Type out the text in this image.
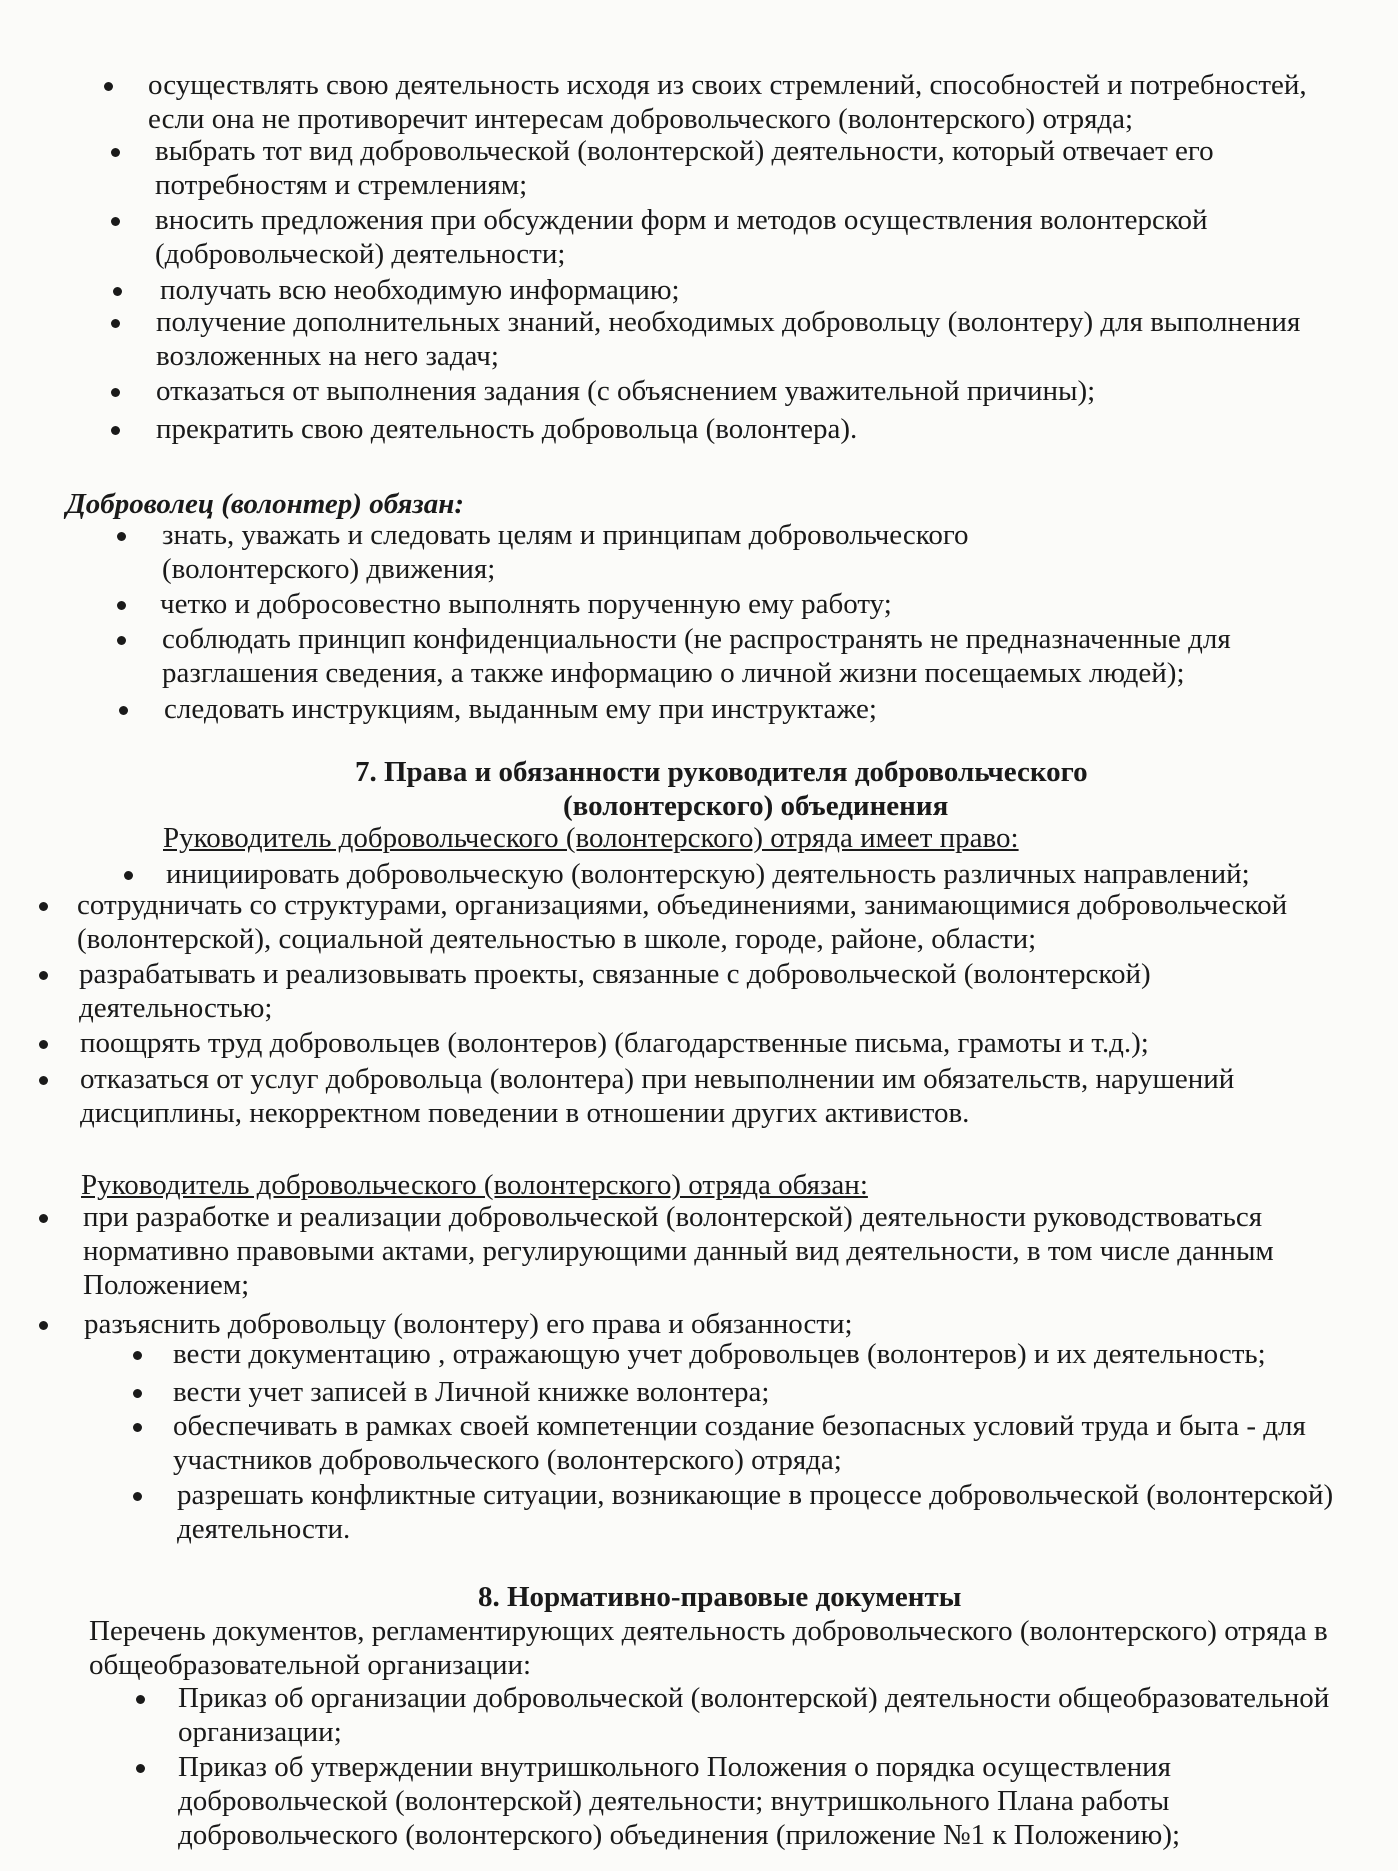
осуществлять свою деятельность исходя из своих стремлений, способностей и потребностей,
если она не противоречит интересам добровольческого (волонтерского) отряда;
выбрать тот вид добровольческой (волонтерской) деятельности, который отвечает его
потребностям и стремлениям;
вносить предложения при обсуждении форм и методов осуществления волонтерской
(добровольческой) деятельности;
получать всю необходимую информацию;
получение дополнительных знаний, необходимых добровольцу (волонтеру) для выполнения
возложенных на него задач;
отказаться от выполнения задания (с объяснением уважительной причины);
прекратить свою деятельность добровольца (волонтера).
Доброволец (волонтер) обязан:
знать, уважать и следовать целям и принципам добровольческого
(волонтерского) движения;
четко и добросовестно выполнять порученную ему работу;
соблюдать принцип конфиденциальности (не распространять не предназначенные для
разглашения сведения, а также информацию о личной жизни посещаемых людей);
следовать инструкциям, выданным ему при инструктаже;
7. Права и обязанности руководителя добровольческого
(волонтерского) объединения
Руководитель добровольческого (волонтерского) отряда имеет право:
инициировать добровольческую (волонтерскую) деятельность различных направлений;
сотрудничать со структурами, организациями, объединениями, занимающимися добровольческой
(волонтерской), социальной деятельностью в школе, городе, районе, области;
разрабатывать и реализовывать проекты, связанные с добровольческой (волонтерской)
деятельностью;
поощрять труд добровольцев (волонтеров) (благодарственные письма, грамоты и т.д.);
отказаться от услуг добровольца (волонтера) при невыполнении им обязательств, нарушений
дисциплины, некорректном поведении в отношении других активистов.
Руководитель добровольческого (волонтерского) отряда обязан:
при разработке и реализации добровольческой (волонтерской) деятельности руководствоваться
нормативно правовыми актами, регулирующими данный вид деятельности, в том числе данным
Положением;
разъяснить добровольцу (волонтеру) его права и обязанности;
вести документацию , отражающую учет добровольцев (волонтеров) и их деятельность;
вести учет записей в Личной книжке волонтера;
обеспечивать в рамках своей компетенции создание безопасных условий труда и быта - для
участников добровольческого (волонтерского) отряда;
разрешать конфликтные ситуации, возникающие в процессе добровольческой (волонтерской)
деятельности.
8. Нормативно-правовые документы
Перечень документов, регламентирующих деятельность добровольческого (волонтерского) отряда в
общеобразовательной организации:
Приказ об организации добровольческой (волонтерской) деятельности общеобразовательной
организации;
Приказ об утверждении внутришкольного Положения о порядка осуществления
добровольческой (волонтерской) деятельности; внутришкольного Плана работы
добровольческого (волонтерского) объединения (приложение №1 к Положению);
